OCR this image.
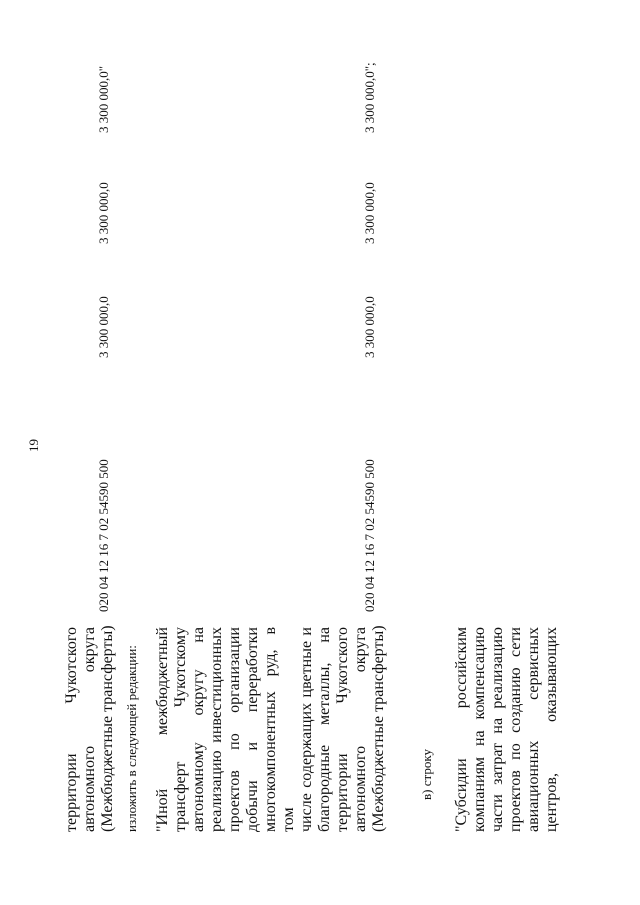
19
территории Чукотского автономного округа (Межбюджетные трансферты)
020 04 12 16 7 02 54590 500
3 300 000,0
3 300 000,0
3 300 000,0"
изложить в следующей редакции: "Иной межбюджетный трансферт Чукотскому автономному округу на реализацию инвестиционных проектов по организации добычи и переработки многокомпонентных руд, в том числе содержащих цветные и благородные металлы, на территории Чукотского автономного округа (Межбюджетные трансферты)
020 04 12 16 7 02 54590 500
3 300 000,0
3 300 000,0
3 300 000,0";
в) строку "Субсидии российским компаниям на компенсацию части затрат на реализацию проектов по созданию сети авиационных сервисных центров, оказывающих
